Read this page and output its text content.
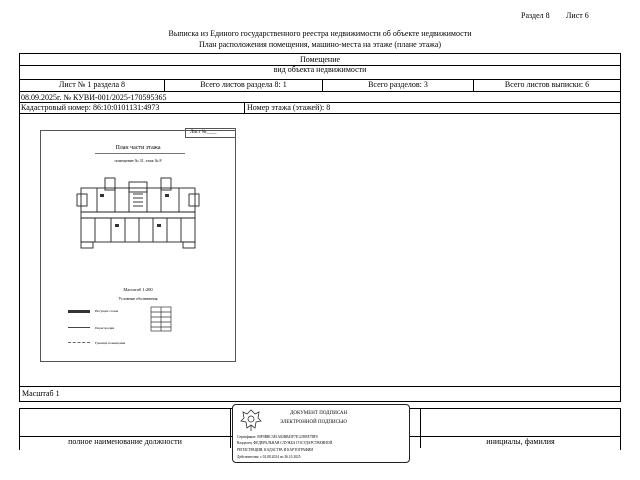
Раздел 8 Лист 6
Выписка из Единого государственного реестра недвижимости об объекте недвижимости
План расположения помещения, машино-места на этаже (плане этажа)
Помещение
вид объекта недвижимости
Лист № 1 раздела 8	Всего листов раздела 8: 1	Всего разделов: 3	Всего листов выписки: 6
08.09.2025г. № КУВИ-001/2025-170595365
Кадастровый номер: 86:10:0101131:4973	Номер этажа (этажей): 8
Лист №____
План части этажа
помещение № 31, этаж № 8
Масштаб 1:200
Условные обозначения
Несущие стены
Перегородки
Граница помещения
Масштаб 1
полное наименование должности	инициалы, фамилия
ДОКУМЕНТ ПОДПИСАН
ЭЛЕКТРОННОЙ ПОДПИСЬЮ
Сертификат: 00F9BBC3E1A82BB45F7E1239EE7BF0
Владелец: ФЕДЕРАЛЬНАЯ СЛУЖБА ГОСУДАРСТВЕННОЙ
РЕГИСТРАЦИИ, КАДАСТРА И КАРТОГРАФИИ
Действителен: с 02.08.2024 по 26.10.2025
